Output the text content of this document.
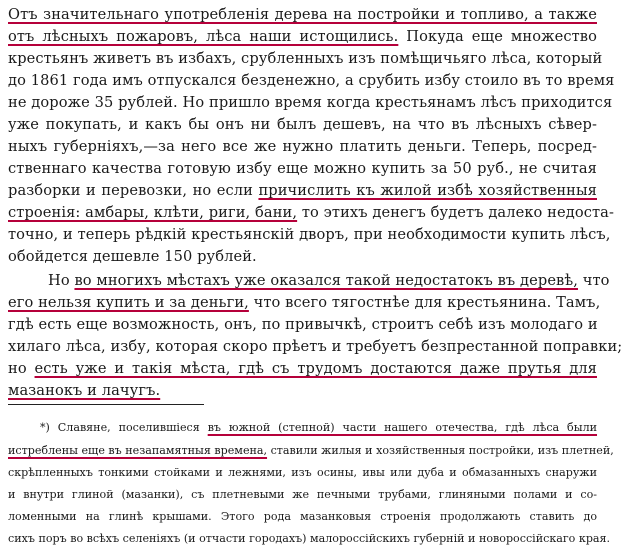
Отъ значительнаго употребленія дерева на постройки и топливо, а также
отъ лѣсныхъ пожаровъ, лѣса наши истощились. Покуда еще множество
крестьянъ живетъ въ избахъ, срубленныхъ изъ помѣщичьяго лѣса, который
до 1861 года имъ отпускался безденежно, а срубить избу стоило въ то время
не дороже 35 рублей. Но пришло время когда крестьянамъ лѣсъ приходится
уже покупать, и какъ бы онъ ни былъ дешевъ, на что въ лѣсныхъ сѣвер-
ныхъ губерніяхъ,—за него все же нужно платить деньги. Теперь, посред-
ственнаго качества готовую избу еще можно купить за 50 руб., не считая
разборки и перевозки, но если причислить къ жилой избѣ хозяйственныя
строенія: амбары, клѣти, риги, бани, то этихъ денегъ будетъ далеко недоста-
точно, и теперь рѣдкій крестьянскій дворъ, при необходимости купить лѣсъ,
обойдется дешевле 150 рублей.
Но во многихъ мѣстахъ уже оказался такой недостатокъ въ деревѣ, что
его нельзя купить и за деньги, что всего тягостнѣе для крестьянина. Тамъ,
гдѣ есть еще возможность, онъ, по привычкѣ, строитъ себѣ изъ молодаго и
хилаго лѣса, избу, которая скоро прѣетъ и требуетъ безпрестанной поправки;
но есть уже и такія мѣста, гдѣ съ трудомъ достаются даже прутья для
мазанокъ и лачугъ.
*) Славяне, поселившіеся въ южной (степной) части нашего отечества, гдѣ лѣса были
истреблены еще въ незапамятныя времена, ставили жилыя и хозяйственныя постройки, изъ плетней,
скрѣпленныхъ тонкими стойками и лежнями, изъ осины, ивы или дуба и обмазанныхъ снаружи
и внутри глиной (мазанки), съ плетневыми же печными трубами, глиняными полами и со-
ломенными на глинѣ крышами. Этого рода мазанковыя строенія продолжають ставить до
сихъ поръ во всѣхъ селеніяхъ (и отчасти городахъ) малороссійскихъ губерній и новороссійскаго края.
